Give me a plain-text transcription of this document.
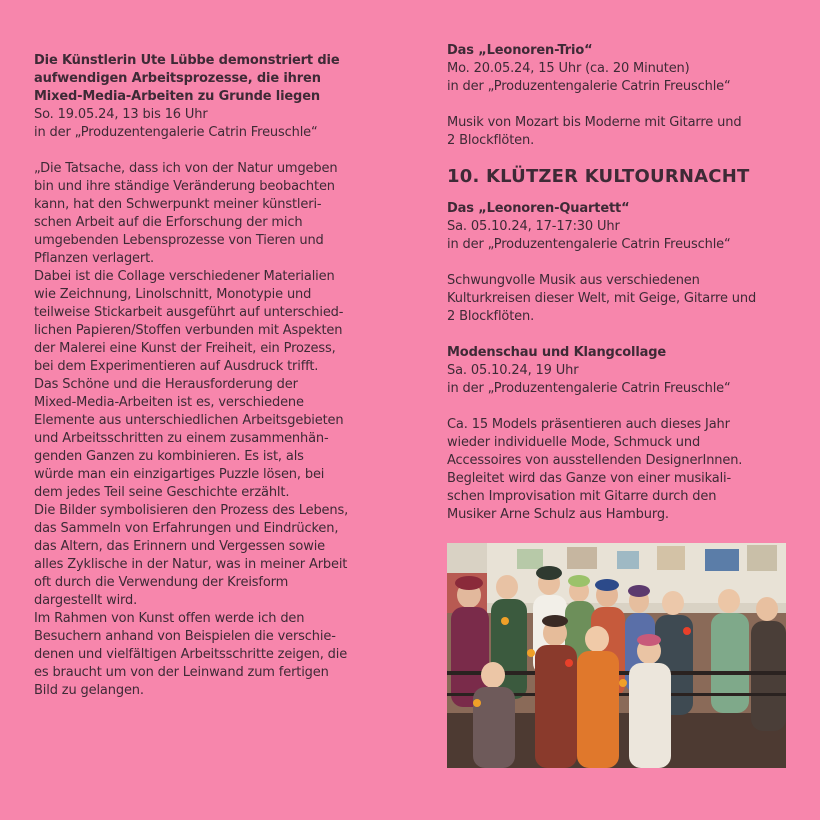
Die Künstlerin Ute Lübbe demonstriert die
aufwendigen Arbeitsprozesse, die ihren
Mixed-Media-Arbeiten zu Grunde liegen
So. 19.05.24, 13 bis 16 Uhr
in der „Produzentengalerie Catrin Freuschle“
„Die Tatsache, dass ich von der Natur umgeben
bin und ihre ständige Veränderung beobachten
kann, hat den Schwerpunkt meiner künstleri-
schen Arbeit auf die Erforschung der mich
umgebenden Lebensprozesse von Tieren und
Pflanzen verlagert.
Dabei ist die Collage verschiedener Materialien
wie Zeichnung, Linolschnitt, Monotypie und
teilweise Stickarbeit ausgeführt auf unterschied-
lichen Papieren/Stoffen verbunden mit Aspekten
der Malerei eine Kunst der Freiheit, ein Prozess,
bei dem Experimentieren auf Ausdruck trifft.
Das Schöne und die Herausforderung der
Mixed-Media-Arbeiten ist es, verschiedene
Elemente aus unterschiedlichen Arbeitsgebieten
und Arbeitsschritten zu einem zusammenhän-
genden Ganzen zu kombinieren. Es ist, als
würde man ein einzigartiges Puzzle lösen, bei
dem jedes Teil seine Geschichte erzählt.
Die Bilder symbolisieren den Prozess des Lebens,
das Sammeln von Erfahrungen und Eindrücken,
das Altern, das Erinnern und Vergessen sowie
alles Zyklische in der Natur, was in meiner Arbeit
oft durch die Verwendung der Kreisform
dargestellt wird.
Im Rahmen von Kunst offen werde ich den
Besuchern anhand von Beispielen die verschie-
denen und vielfältigen Arbeitsschritte zeigen, die
es braucht um von der Leinwand zum fertigen
Bild zu gelangen.
Das „Leonoren-Trio“
Mo. 20.05.24, 15 Uhr (ca. 20 Minuten)
in der „Produzentengalerie Catrin Freuschle“
Musik von Mozart bis Moderne mit Gitarre und
2 Blockflöten.
10. KLÜTZER KULTOURNACHT
Das „Leonoren-Quartett“
Sa. 05.10.24, 17-17:30 Uhr
in der „Produzentengalerie Catrin Freuschle“
Schwungvolle Musik aus verschiedenen
Kulturkreisen dieser Welt, mit Geige, Gitarre und
2 Blockflöten.
Modenschau und Klangcollage
Sa. 05.10.24, 19 Uhr
in der „Produzentengalerie Catrin Freuschle“
Ca. 15 Models präsentieren auch dieses Jahr
wieder individuelle Mode, Schmuck und
Accessoires von ausstellenden DesignerInnen.
Begleitet wird das Ganze von einer musikali-
schen Improvisation mit Gitarre durch den
Musiker Arne Schulz aus Hamburg.
